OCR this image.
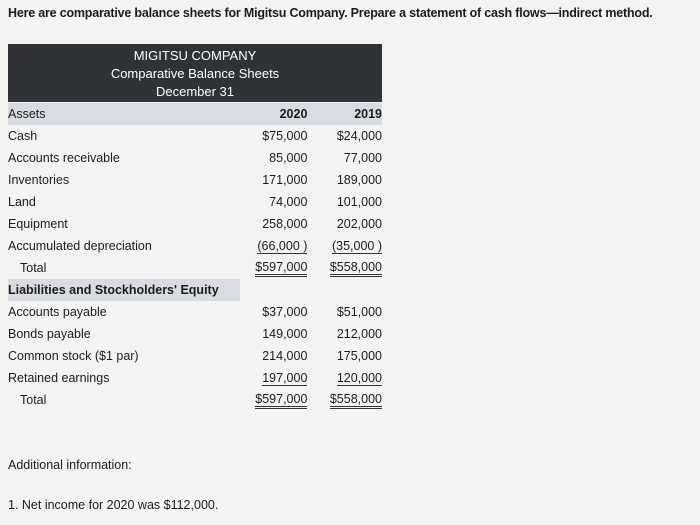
Here are comparative balance sheets for Migitsu Company. Prepare a statement of cash flows—indirect method.
MIGITSU COMPANY
Comparative Balance Sheets
December 31
Assets	2020	2019
Cash	$75,000	$24,000
Accounts receivable	85,000	77,000
Inventories	171,000	189,000
Land	74,000	101,000
Equipment	258,000	202,000
Accumulated depreciation	(66,000 )	(35,000 )
Total	$597,000	$558,000
Liabilities and Stockholders' Equity		
Accounts payable	$37,000	$51,000
Bonds payable	149,000	212,000
Common stock ($1 par)	214,000	175,000
Retained earnings	197,000	120,000
Total	$597,000	$558,000
Additional information:
1. Net income for 2020 was $112,000.
